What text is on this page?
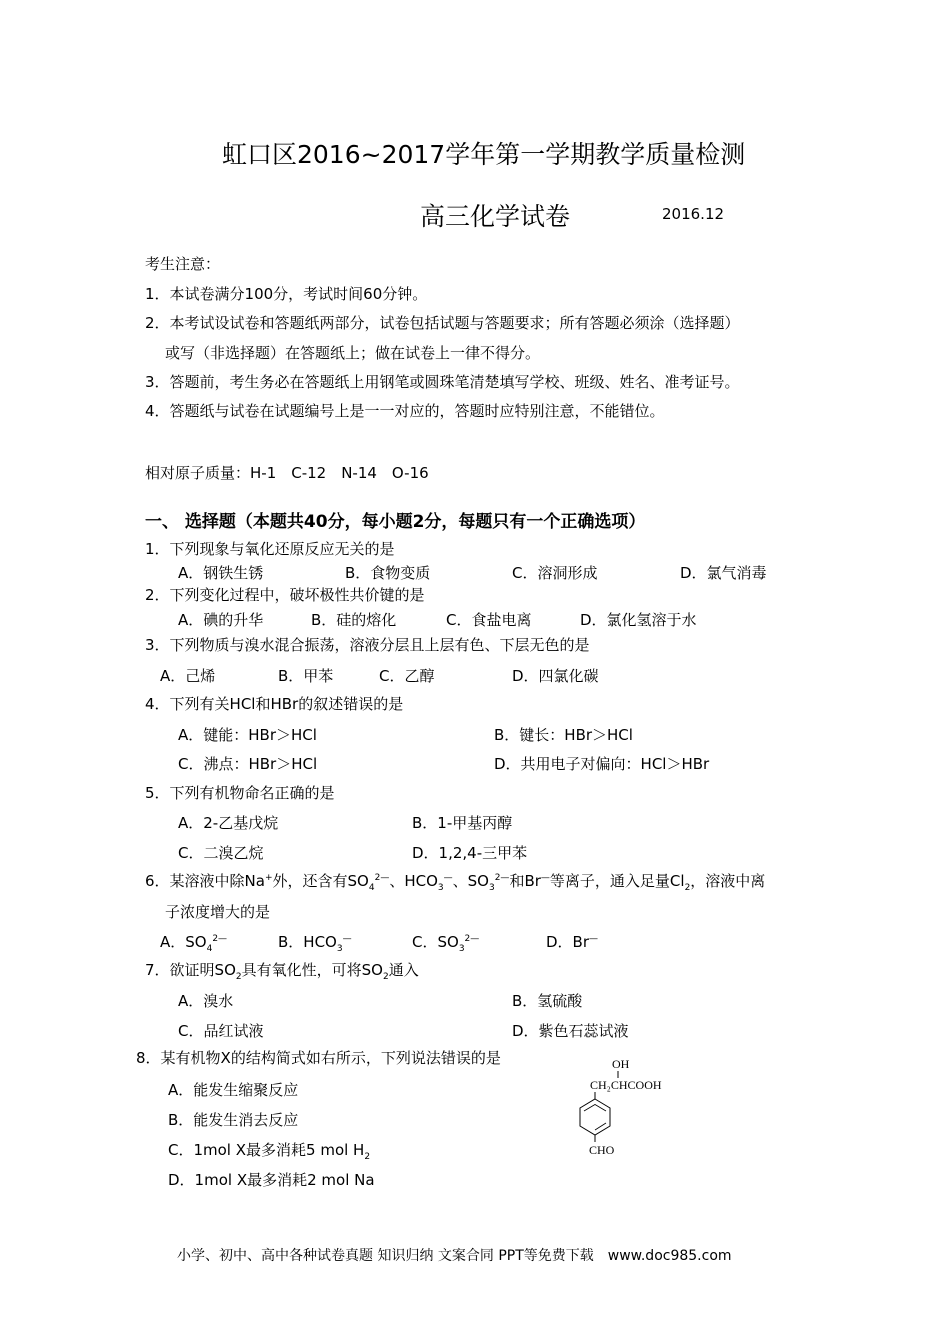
虹口区2016~2017学年第一学期教学质量检测
高三化学试卷	2016.12
考生注意：
1．本试卷满分100分，考试时间60分钟。
2．本考试设试卷和答题纸两部分，试卷包括试题与答题要求；所有答题必须涂（选择题）
或写（非选择题）在答题纸上；做在试卷上一律不得分。
3．答题前，考生务必在答题纸上用钢笔或圆珠笔清楚填写学校、班级、姓名、准考证号。
4．答题纸与试卷在试题编号上是一一对应的，答题时应特别注意，不能错位。
相对原子质量：H-1　C-12　N-14　O-16
一、 选择题（本题共40分，每小题2分，每题只有一个正确选项）
1．下列现象与氧化还原反应无关的是
A．钢铁生锈	B．食物变质	C．溶洞形成	D．氯气消毒
2．下列变化过程中，破坏极性共价键的是
A．碘的升华	B．硅的熔化	C．食盐电离	D．氯化氢溶于水
3．下列物质与溴水混合振荡，溶液分层且上层有色、下层无色的是
A．己烯	B．甲苯	C．乙醇	D．四氯化碳
4．下列有关HCl和HBr的叙述错误的是
A．键能：HBr＞HCl	B．键长：HBr＞HCl
C．沸点：HBr＞HCl	D．共用电子对偏向：HCl＞HBr
5．下列有机物命名正确的是
A．2-乙基戊烷	B．1-甲基丙醇
C．二溴乙烷	D．1,2,4-三甲苯
6．某溶液中除Na+外，还含有$SO_4^{2—}$、$HCO_3^—$、$SO_3^{2—}$和Br—等离子，通入足量$Cl_2$，溶液中离
子浓度增大的是
A．$SO_4^{2—}$	B．$HCO_3^—$	C．$SO_3^{2—}$	D．Br—
7．欲证明$SO_2$具有氧化性，可将$SO_2$通入
A．溴水	B．氢硫酸
C．品红试液	D．紫色石蕊试液
8．某有机物X的结构简式如右所示，下列说法错误的是
A．能发生缩聚反应
B．能发生消去反应
C．1mol X最多消耗5 mol $H_2$
D．1mol X最多消耗2 mol Na
OH
CH₂CHCOOH
CHO
小学、初中、高中各种试卷真题 知识归纳 文案合同 PPT等免费下载　www.doc985.com
